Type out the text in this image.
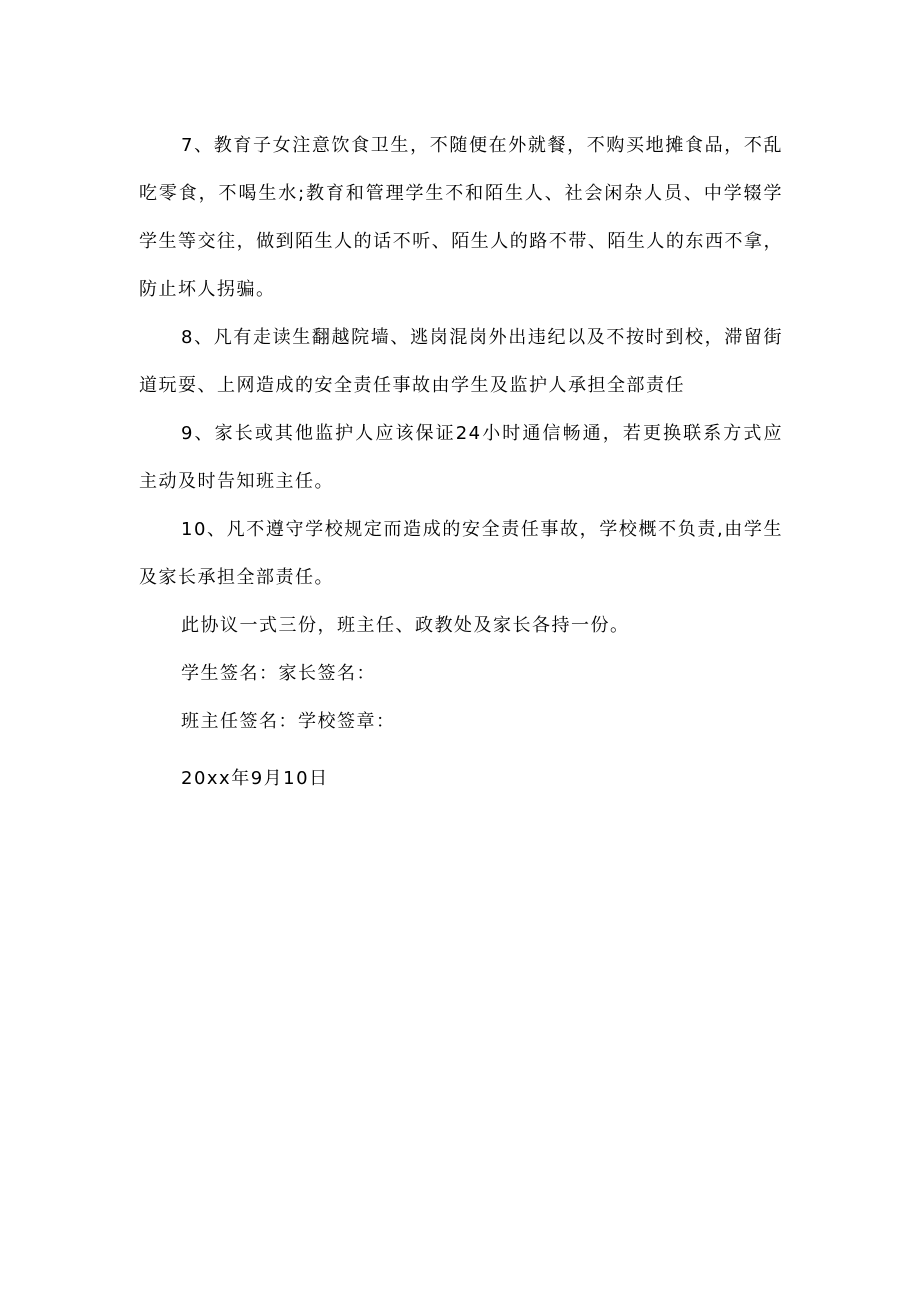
7、教育子女注意饮食卫生，不随便在外就餐，不购买地摊食品，不乱吃零食，不喝生水;教育和管理学生不和陌生人、社会闲杂人员、中学辍学学生等交往，做到陌生人的话不听、陌生人的路不带、陌生人的东西不拿，防止坏人拐骗。

8、凡有走读生翻越院墙、逃岗混岗外出违纪以及不按时到校，滞留街道玩耍、上网造成的安全责任事故由学生及监护人承担全部责任

9、家长或其他监护人应该保证24小时通信畅通，若更换联系方式应主动及时告知班主任。

10、凡不遵守学校规定而造成的安全责任事故，学校概不负责,由学生及家长承担全部责任。

此协议一式三份，班主任、政教处及家长各持一份。

学生签名：家长签名：

班主任签名：学校签章：

20xx年9月10日
